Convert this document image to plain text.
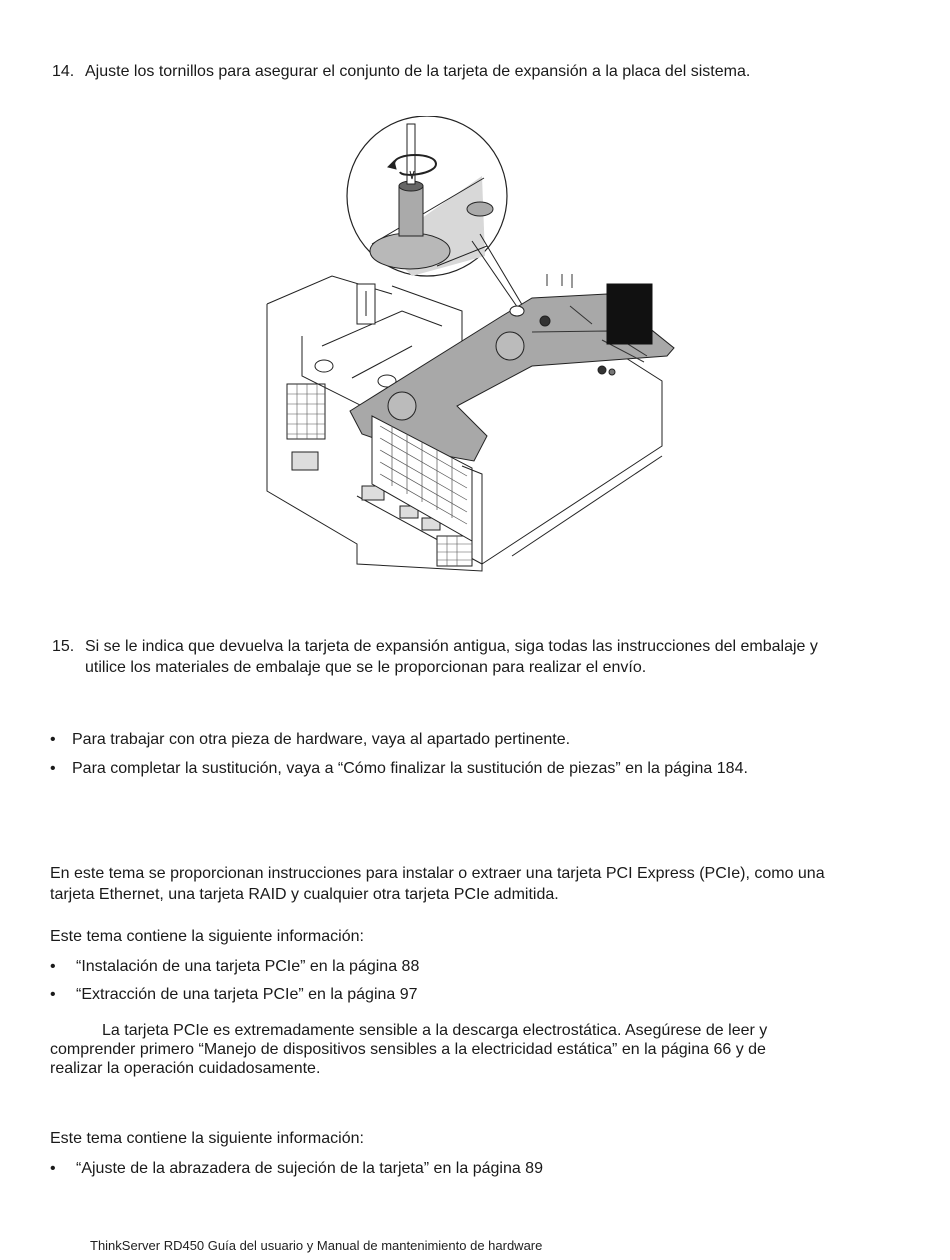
14. Ajuste los tornillos para asegurar el conjunto de la tarjeta de expansión a la placa del sistema.
15. Si se le indica que devuelva la tarjeta de expansión antigua, siga todas las instrucciones del embalaje y
utilice los materiales de embalaje que se le proporcionan para realizar el envío.
• Para trabajar con otra pieza de hardware, vaya al apartado pertinente.
• Para completar la sustitución, vaya a “Cómo finalizar la sustitución de piezas” en la página 184.
En este tema se proporcionan instrucciones para instalar o extraer una tarjeta PCI Express (PCIe), como una
tarjeta Ethernet, una tarjeta RAID y cualquier otra tarjeta PCIe admitida.
Este tema contiene la siguiente información:
• “Instalación de una tarjeta PCIe” en la página 88
• “Extracción de una tarjeta PCIe” en la página 97
La tarjeta PCIe es extremadamente sensible a la descarga electrostática. Asegúrese de leer y
comprender primero “Manejo de dispositivos sensibles a la electricidad estática” en la página 66 y de
realizar la operación cuidadosamente.
Este tema contiene la siguiente información:
• “Ajuste de la abrazadera de sujeción de la tarjeta” en la página 89
ThinkServer RD450 Guía del usuario y Manual de mantenimiento de hardware
